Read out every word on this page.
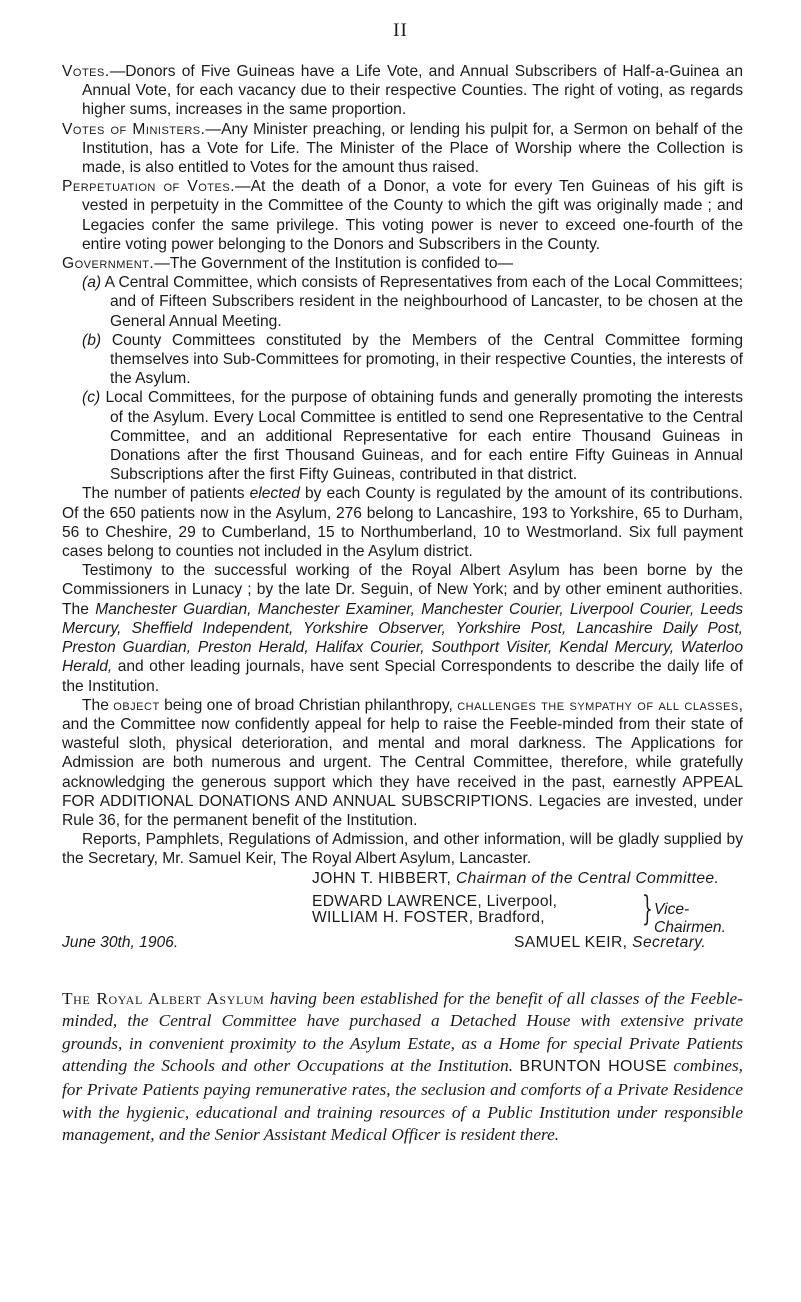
II

Votes.—Donors of Five Guineas have a Life Vote, and Annual Subscribers of Half-a-Guinea an Annual Vote, for each vacancy due to their respective Counties. The right of voting, as regards higher sums, increases in the same proportion.

Votes of Ministers.—Any Minister preaching, or lending his pulpit for, a Sermon on behalf of the Institution, has a Vote for Life. The Minister of the Place of Worship where the Collection is made, is also entitled to Votes for the amount thus raised.

Perpetuation of Votes.—At the death of a Donor, a vote for every Ten Guineas of his gift is vested in perpetuity in the Committee of the County to which the gift was originally made ; and Legacies confer the same privilege. This voting power is never to exceed one-fourth of the entire voting power belonging to the Donors and Subscribers in the County.

Government.—The Government of the Institution is confided to—

(a) A Central Committee, which consists of Representatives from each of the Local Committees; and of Fifteen Subscribers resident in the neighbourhood of Lancaster, to be chosen at the General Annual Meeting.

(b) County Committees constituted by the Members of the Central Committee forming themselves into Sub-Committees for promoting, in their respective Counties, the interests of the Asylum.

(c) Local Committees, for the purpose of obtaining funds and generally promoting the interests of the Asylum. Every Local Committee is entitled to send one Representative to the Central Committee, and an additional Representative for each entire Thousand Guineas in Donations after the first Thousand Guineas, and for each entire Fifty Guineas in Annual Subscriptions after the first Fifty Guineas, contributed in that district.

The number of patients elected by each County is regulated by the amount of its contributions. Of the 650 patients now in the Asylum, 276 belong to Lancashire, 193 to Yorkshire, 65 to Durham, 56 to Cheshire, 29 to Cumberland, 15 to Northumberland, 10 to Westmorland. Six full payment cases belong to counties not included in the Asylum district.

Testimony to the successful working of the Royal Albert Asylum has been borne by the Commissioners in Lunacy ; by the late Dr. Seguin, of New York; and by other eminent authorities. The Manchester Guardian, Manchester Examiner, Manchester Courier, Liverpool Courier, Leeds Mercury, Sheffield Independent, Yorkshire Observer, Yorkshire Post, Lancashire Daily Post, Preston Guardian, Preston Herald, Halifax Courier, Southport Visiter, Kendal Mercury, Waterloo Herald, and other leading journals, have sent Special Correspondents to describe the daily life of the Institution.

The object being one of broad Christian philanthropy, challenges the sympathy of all classes, and the Committee now confidently appeal for help to raise the Feeble-minded from their state of wasteful sloth, physical deterioration, and mental and moral darkness. The Applications for Admission are both numerous and urgent. The Central Committee, therefore, while gratefully acknowledging the generous support which they have received in the past, earnestly APPEAL FOR ADDITIONAL DONATIONS AND ANNUAL SUBSCRIPTIONS. Legacies are invested, under Rule 36, for the permanent benefit of the Institution.

Reports, Pamphlets, Regulations of Admission, and other information, will be gladly supplied by the Secretary, Mr. Samuel Keir, The Royal Albert Asylum, Lancaster.

JOHN T. HIBBERT, Chairman of the Central Committee.
EDWARD LAWRENCE, Liverpool,
WILLIAM H. FOSTER, Bradford,	} Vice-Chairmen.
June 30th, 1906.	SAMUEL KEIR, Secretary.

The Royal Albert Asylum having been established for the benefit of all classes of the Feeble-minded, the Central Committee have purchased a Detached House with extensive private grounds, in convenient proximity to the Asylum Estate, as a Home for special Private Patients attending the Schools and other Occupations at the Institution. BRUNTON HOUSE combines, for Private Patients paying remunerative rates, the seclusion and comforts of a Private Residence with the hygienic, educational and training resources of a Public Institution under responsible management, and the Senior Assistant Medical Officer is resident there.
